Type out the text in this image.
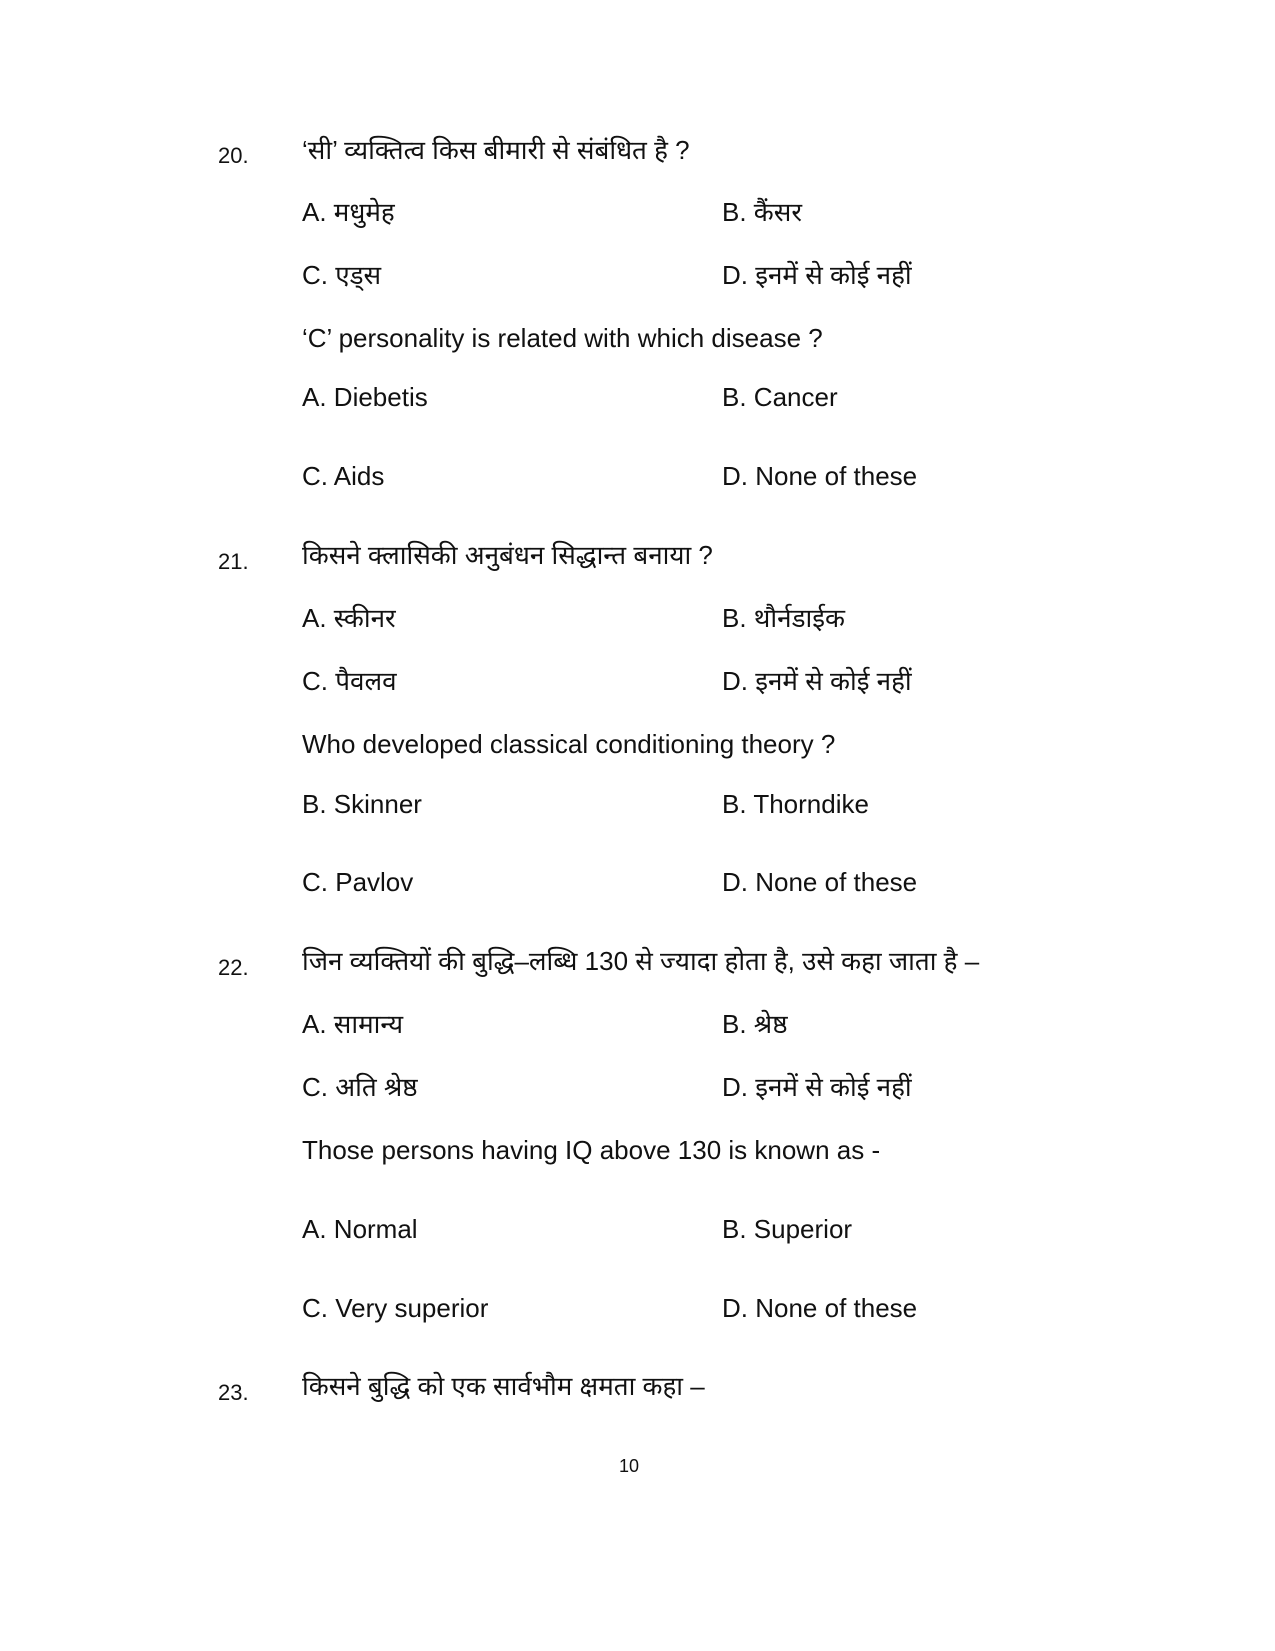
20. ‘सी’ व्यक्तित्व किस बीमारी से संबंधित है ?
A. मधुमेह	B. कैंसर
C. एड्स	D. इनमें से कोई नहीं
‘C’ personality is related with which disease ?
A. Diebetis	B. Cancer
C. Aids	D. None of these
21. किसने क्लासिकी अनुबंधन सिद्धान्त बनाया ?
A. स्कीनर	B. थौर्नडाईक
C. पैवलव	D. इनमें से कोई नहीं
Who developed classical conditioning theory ?
B. Skinner	B. Thorndike
C. Pavlov	D. None of these
22. जिन व्यक्तियों की बुद्धि–लब्धि 130 से ज्यादा होता है, उसे कहा जाता है –
A. सामान्य	B. श्रेष्ठ
C. अति श्रेष्ठ	D. इनमें से कोई नहीं
Those persons having IQ above 130 is known as -
A. Normal	B. Superior
C. Very superior	D. None of these
23. किसने बुद्धि को एक सार्वभौम क्षमता कहा –
10
